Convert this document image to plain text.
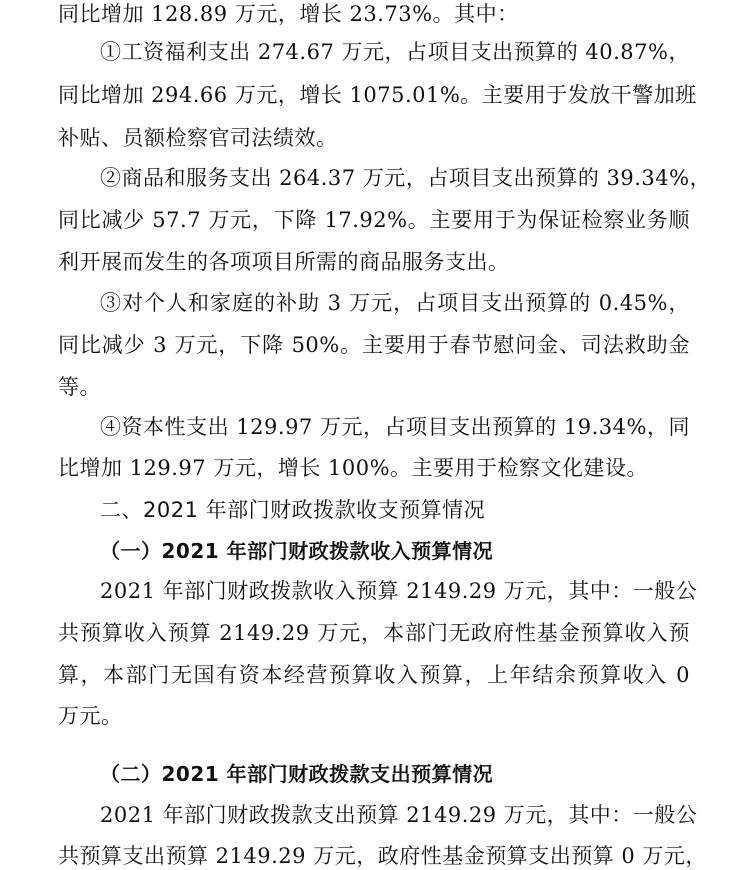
同比增加 128.89 万元，增长 23.73%。其中：
①工资福利支出 274.67 万元，占项目支出预算的 40.87%，
同比增加 294.66 万元，增长 1075.01%。主要用于发放干警加班
补贴、员额检察官司法绩效。
②商品和服务支出 264.37 万元，占项目支出预算的 39.34%，
同比减少 57.7 万元，下降 17.92%。主要用于为保证检察业务顺
利开展而发生的各项项目所需的商品服务支出。
③对个人和家庭的补助 3 万元，占项目支出预算的 0.45%，
同比减少 3 万元，下降 50%。主要用于春节慰问金、司法救助金
等。
④资本性支出 129.97 万元，占项目支出预算的 19.34%，同
比增加 129.97 万元，增长 100%。主要用于检察文化建设。
二、2021 年部门财政拨款收支预算情况
（一）2021 年部门财政拨款收入预算情况
2021 年部门财政拨款收入预算 2149.29 万元，其中：一般公
共预算收入预算 2149.29 万元，本部门无政府性基金预算收入预
算，本部门无国有资本经营预算收入预算，上年结余预算收入 0
万元。
（二）2021 年部门财政拨款支出预算情况
2021 年部门财政拨款支出预算 2149.29 万元，其中：一般公
共预算支出预算 2149.29 万元，政府性基金预算支出预算 0 万元，
